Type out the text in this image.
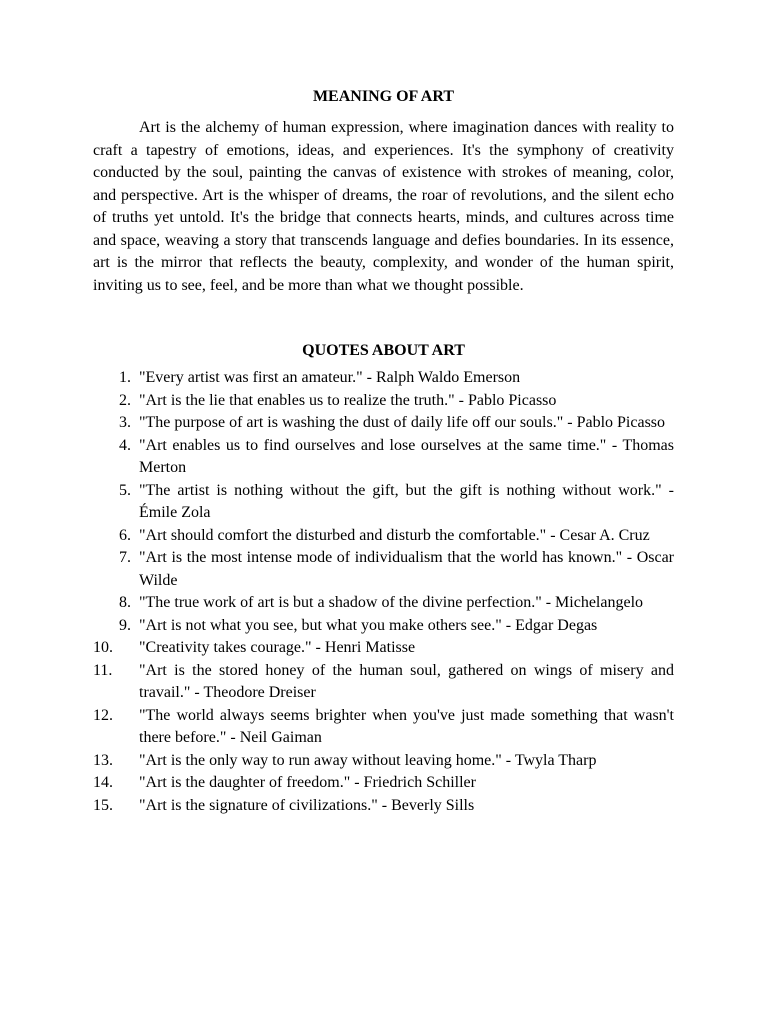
MEANING OF ART

Art is the alchemy of human expression, where imagination dances with reality to craft a tapestry of emotions, ideas, and experiences. It's the symphony of creativity conducted by the soul, painting the canvas of existence with strokes of meaning, color, and perspective. Art is the whisper of dreams, the roar of revolutions, and the silent echo of truths yet untold. It's the bridge that connects hearts, minds, and cultures across time and space, weaving a story that transcends language and defies boundaries. In its essence, art is the mirror that reflects the beauty, complexity, and wonder of the human spirit, inviting us to see, feel, and be more than what we thought possible.

QUOTES ABOUT ART
1. "Every artist was first an amateur." - Ralph Waldo Emerson
2. "Art is the lie that enables us to realize the truth." - Pablo Picasso
3. "The purpose of art is washing the dust of daily life off our souls." - Pablo Picasso
4. "Art enables us to find ourselves and lose ourselves at the same time." - Thomas Merton
5. "The artist is nothing without the gift, but the gift is nothing without work." - Émile Zola
6. "Art should comfort the disturbed and disturb the comfortable." - Cesar A. Cruz
7. "Art is the most intense mode of individualism that the world has known." - Oscar Wilde
8. "The true work of art is but a shadow of the divine perfection." - Michelangelo
9. "Art is not what you see, but what you make others see." - Edgar Degas
10.	"Creativity takes courage." - Henri Matisse
11.	"Art is the stored honey of the human soul, gathered on wings of misery and travail." - Theodore Dreiser
12.	"The world always seems brighter when you've just made something that wasn't there before." - Neil Gaiman
13.	"Art is the only way to run away without leaving home." - Twyla Tharp
14.	"Art is the daughter of freedom." - Friedrich Schiller
15.	"Art is the signature of civilizations." - Beverly Sills
